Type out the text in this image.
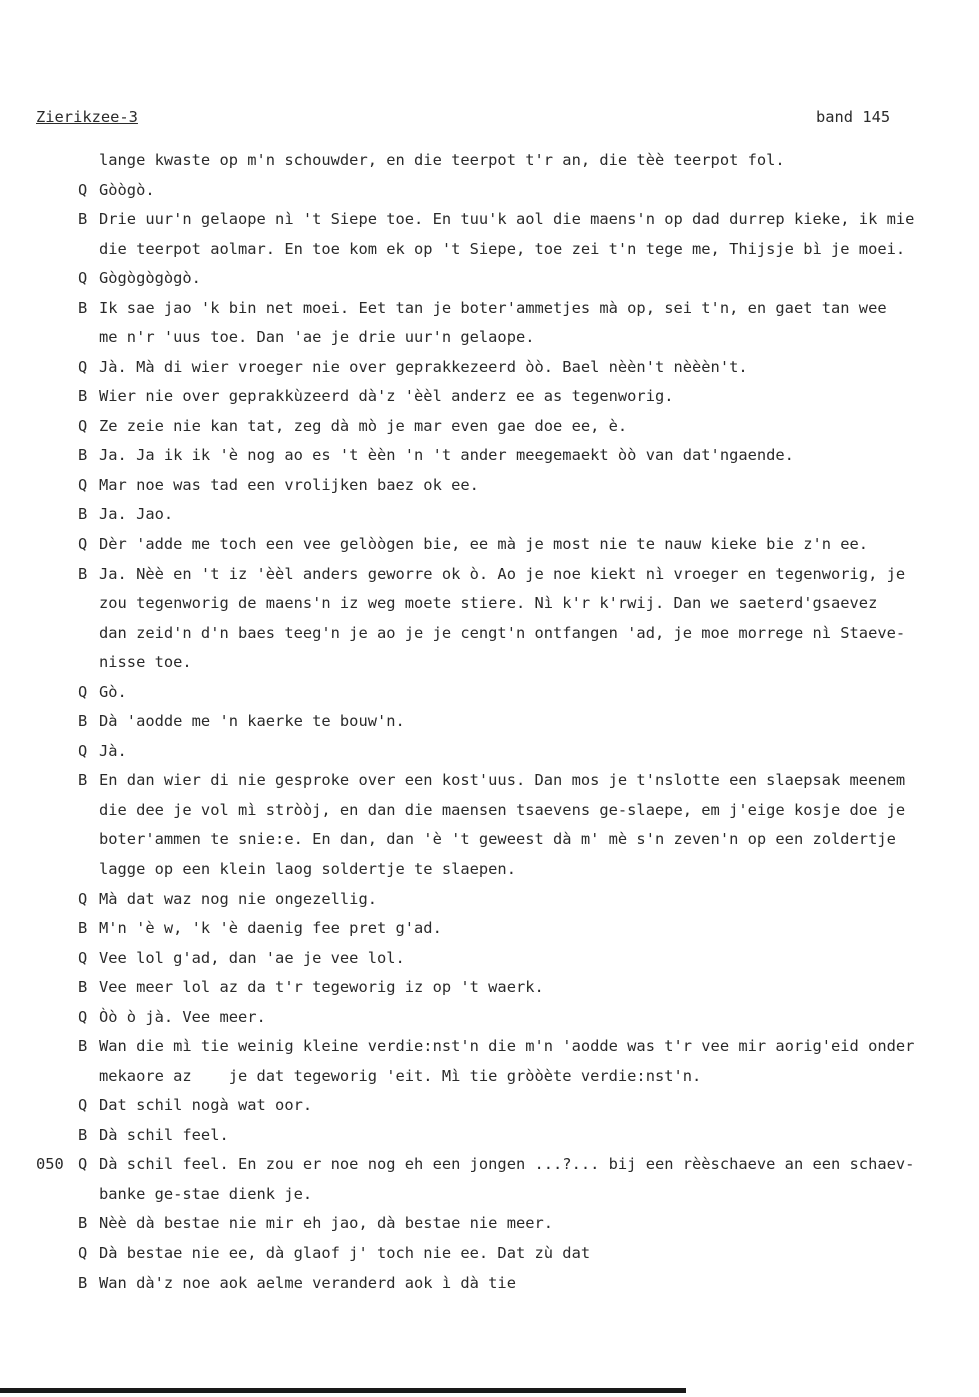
Zierikzee-3	band 145
lange kwaste op m'n schouwder, en die teerpot t'r an, die tèè teerpot fol.
Q Gòògò.
B Drie uur'n gelaope nì 't Siepe toe. En tuu'k aol die maens'n op dad durrep kieke, ik mie
die teerpot aolmar. En toe kom ek op 't Siepe, toe zei t'n tege me, Thijsje bì je moei.
Q Gògògògògò.
B Ik sae jao 'k bin net moei. Eet tan je boter'ammetjes mà op, sei t'n, en gaet tan wee
me n'r 'uus toe. Dan 'ae je drie uur'n gelaope.
Q Jà. Mà di wier vroeger nie over geprakkezeerd òò. Bael nèèn't nèèèn't.
B Wier nie over geprakkùzeerd dà'z 'èèl anderz ee as tegenworig.
Q Ze zeie nie kan tat, zeg dà mò je mar even gae doe ee, è.
B Ja. Ja ik ik 'è nog ao es 't èèn 'n 't ander meegemaekt òò van dat'ngaende.
Q Mar noe was tad een vrolijken baez ok ee.
B Ja. Jao.
Q Dèr 'adde me toch een vee gelòògen bie, ee mà je most nie te nauw kieke bie z'n ee.
B Ja. Nèè en 't iz 'èèl anders geworre ok ò. Ao je noe kiekt nì vroeger en tegenworig, je
zou tegenworig de maens'n iz weg moete stiere. Nì k'r k'rwij. Dan we saeterd'gsaevez
dan zeid'n d'n baes teeg'n je ao je je cengt'n ontfangen 'ad, je moe morrege nì Staeve-
nisse toe.
Q Gò.
B Dà 'aodde me 'n kaerke te bouw'n.
Q Jà.
B En dan wier di nie gesproke over een kost'uus. Dan mos je t'nslotte een slaepsak meenem
die dee je vol mì stròòj, en dan die maensen tsaevens ge-slaepe, em j'eige kosje doe je
boter'ammen te snie:e. En dan, dan 'è 't geweest dà m' mè s'n zeven'n op een zoldertje
lagge op een klein laog soldertje te slaepen.
Q Mà dat waz nog nie ongezellig.
B M'n 'è w, 'k 'è daenig fee pret g'ad.
Q Vee lol g'ad, dan 'ae je vee lol.
B Vee meer lol az da t'r tegeworig iz op 't waerk.
Q Òò ò jà. Vee meer.
B Wan die mì tie weinig kleine verdie:nst'n die m'n 'aodde was t'r vee mir aorig'eid onder
mekaore az    je dat tegeworig 'eit. Mì tie gròòète verdie:nst'n.
Q Dat schil nogà wat oor.
B Dà schil feel.
050 Q Dà schil feel. En zou er noe nog eh een jongen ...?... bij een rèèschaeve an een schaev-
banke ge-stae dienk je.
B Nèè dà bestae nie mir eh jao, dà bestae nie meer.
Q Dà bestae nie ee, dà glaof j' toch nie ee. Dat zù dat
B Wan dà'z noe aok aelme veranderd aok ì dà tie
